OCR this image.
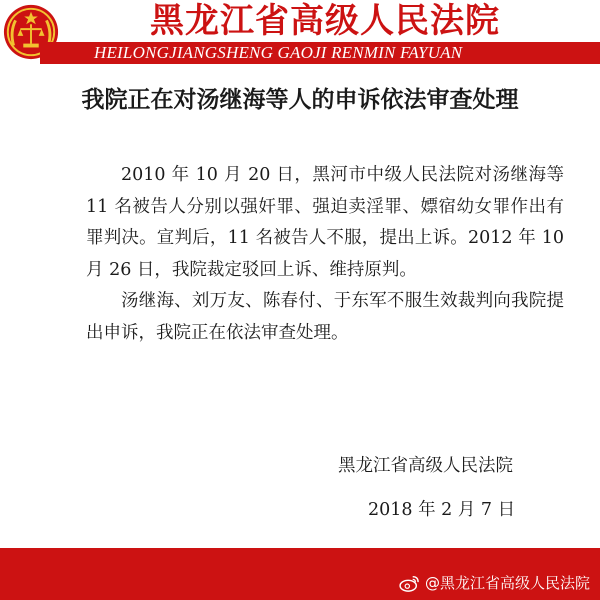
黑龙江省高级人民法院
HEILONGJIANGSHENG GAOJI RENMIN FAYUAN
我院正在对汤继海等人的申诉依法审查处理

2010 年 10 月 20 日，黑河市中级人民法院对汤继海等 11 名被告人分别以强奸罪、强迫卖淫罪、嫖宿幼女罪作出有罪判决。宣判后，11 名被告人不服，提出上诉。2012 年 10 月 26 日，我院裁定驳回上诉、维持原判。

汤继海、刘万友、陈春付、于东军不服生效裁判向我院提出申诉，我院正在依法审查处理。

黑龙江省高级人民法院
2018 年 2 月 7 日
@黑龙江省高级人民法院
